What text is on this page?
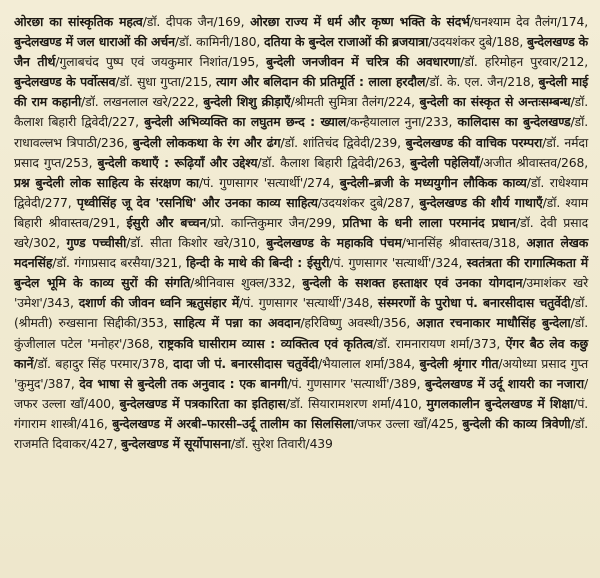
ओरछा का सांस्कृतिक महत्व/डॉ. दीपक जैन/169, ओरछा राज्य में धर्म और कृष्ण भक्ति के संदर्भ/घनश्याम देव तैलंग/174, बुन्देलखण्ड में जल धाराओं की अर्चन/डॉ. कामिनी/180, दतिया के बुन्देल राजाओं की ब्रजयात्रा/उदयशंकर दुबे/188, बुन्देलखण्ड के जैन तीर्थ/गुलाबचंद पुष्प एवं जयकुमार निशांत/195, बुन्देली जनजीवन में चरित्र की अवधारणा/डॉ. हरिमोहन पुरवार/212, बुन्देलखण्ड के पर्वोत्सव/डॉ. सुधा गुप्ता/215, त्याग और बलिदान की प्रतिमूर्ति : लाला हरदौल/डॉ. के. एल. जैन/218, बुन्देली माई की राम कहानी/डॉ. लखनलाल खरे/222, बुन्देली शिशु क्रीड़ाएँ/श्रीमती सुमित्रा तैलंग/224, बुन्देली का संस्कृत से अन्तःसम्बन्ध/डॉ. कैलाश बिहारी द्विवेदी/227, बुन्देली अभिव्यक्ति का लघुतम छन्द : ख्याल/कन्हैयालाल नुना/233, कालिदास का बुन्देलखण्ड/डॉ. राधावल्लभ त्रिपाठी/236, बुन्देली लोककथा के रंग और ढंग/डॉ. शांतिचंद द्विवेदी/239, बुन्देलखण्ड की वाचिक परम्परा/डॉ. नर्मदा प्रसाद गुप्त/253, बुन्देली कथाएँ : रूढ़ियाँ और उद्देश्य/डॉ. कैलाश बिहारी द्विवेदी/263, बुन्देली पहेलियाँ/अजीत श्रीवास्तव/268, प्रश्न बुन्देली लोक साहित्य के संरक्षण का/पं. गुणसागर 'सत्यार्थी'/274, बुन्देली–ब्रजी के मध्ययुगीन लौकिक काव्य/डॉ. राधेश्याम द्विवेदी/277, पृथ्वीसिंह जू देव 'रसनिधि' और उनका काव्य साहित्य/उदयशंकर दुबे/287, बुन्देलखण्ड की शौर्य गाथाएँ/डॉ. श्याम बिहारी श्रीवास्तव/291, ईसुरी और बच्चन/प्रो. कान्तिकुमार जैन/299, प्रतिभा के धनी लाला परमानंद प्रधान/डॉ. देवी प्रसाद खरे/302, गुण्ड पच्चीसी/डॉ. सीता किशोर खरे/310, बुन्देलखण्ड के महाकवि पंचम/भानसिंह श्रीवास्तव/318, अज्ञात लेखक मदनसिंह/डॉ. गंगाप्रसाद बरसैया/321, हिन्दी के माथे की बिन्दी : ईसुरी/पं. गुणसागर 'सत्यार्थी'/324, स्वतंत्रता की रागात्मिकता में बुन्देल भूमि के काव्य सुरों की संगति/श्रीनिवास शुक्ल/332, बुन्देली के सशक्त हस्ताक्षर एवं उनका योगदान/उमाशंकर खरे 'उमेश'/343, दशार्ण की जीवन ध्वनि ऋतुसंहार में/पं. गुणसागर 'सत्यार्थी'/348, संस्मरणों के पुरोधा पं. बनारसीदास चतुर्वेदी/डॉ. (श्रीमती) रुखसाना सिद्दीकी/353, साहित्य में पन्ना का अवदान/हरिविष्णु अवस्थी/356, अज्ञात रचनाकार माधौसिंह बुन्देला/डॉ. कुंजीलाल पटेल 'मनोहर'/368, राष्ट्रकवि घासीराम व्यास : व्यक्तित्व एवं कृतित्व/डॉ. रामनारायण शर्मा/373, ऐंगर बैठ लेव कछु कानें/डॉ. बहादुर सिंह परमार/378, दादा जी पं. बनारसीदास चतुर्वेदी/भैयालाल शर्मा/384, बुन्देली श्रृंगार गीत/अयोध्या प्रसाद गुप्त 'कुमुद'/387, देव भाषा से बुन्देली तक अनुवाद : एक बानगी/पं. गुणसागर 'सत्यार्थी'/389, बुन्देलखण्ड में उर्दू शायरी का नजारा/जफर उल्ला खाँ/400, बुन्देलखण्ड में पत्रकारिता का इतिहास/डॉ. सियारामशरण शर्मा/410, मुगलकालीन बुन्देलखण्ड में शिक्षा/पं. गंगाराम शास्त्री/416, बुन्देलखण्ड में अरबी–फारसी–उर्दू तालीम का सिलसिला/जफर उल्ला खाँ/425, बुन्देली की काव्य त्रिवेणी/डॉ. राजमति दिवाकर/427, बुन्देलखण्ड में सूर्योपासना/डॉ. सुरेश तिवारी/439
